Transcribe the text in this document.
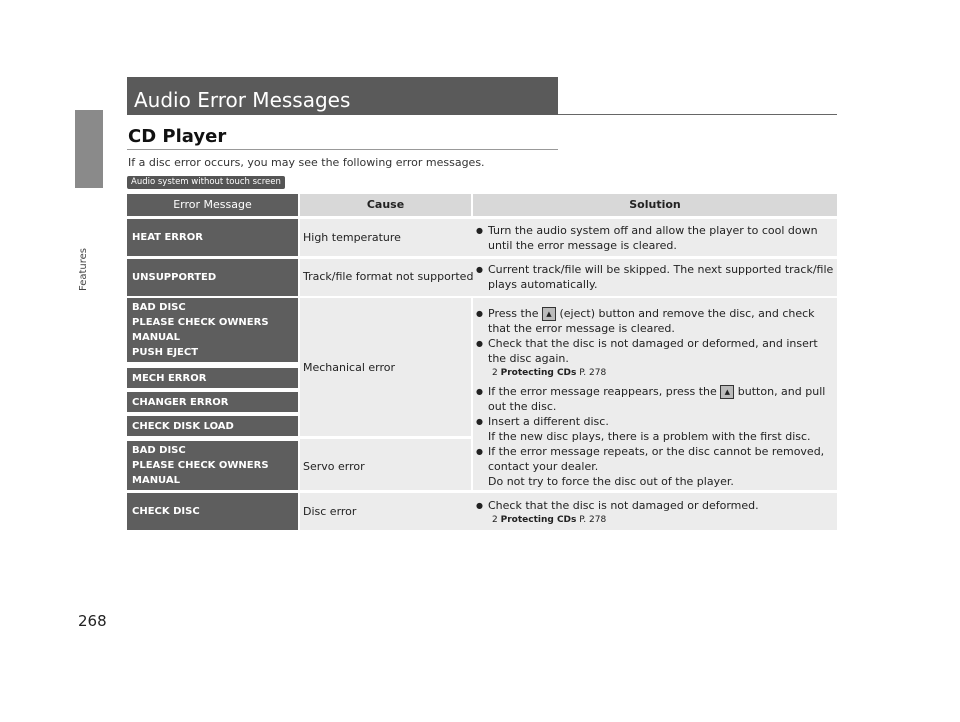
Features
268
Audio Error Messages
CD Player
If a disc error occurs, you may see the following error messages.
Audio system without touch screen
Error Message	Cause	Solution
HEAT ERROR	High temperature
● Turn the audio system off and allow the player to cool down until the error message is cleared.
UNSUPPORTED	Track/file format not supported
● Current track/file will be skipped. The next supported track/file plays automatically.
BAD DISC
PLEASE CHECK OWNERS
MANUAL
PUSH EJECT
MECH ERROR
CHANGER ERROR
CHECK DISK LOAD
BAD DISC
PLEASE CHECK OWNERS
MANUAL
Mechanical error
Servo error
● Press the ▲ (eject) button and remove the disc, and check that the error message is cleared.
● Check that the disc is not damaged or deformed, and insert the disc again.
2 Protecting CDs P. 278
● If the error message reappears, press the ▲ button, and pull out the disc.
● Insert a different disc.
If the new disc plays, there is a problem with the first disc.
● If the error message repeats, or the disc cannot be removed, contact your dealer.
Do not try to force the disc out of the player.
CHECK DISC	Disc error
●	Check that the disc is not damaged or deformed.
2 Protecting CDs P. 278
